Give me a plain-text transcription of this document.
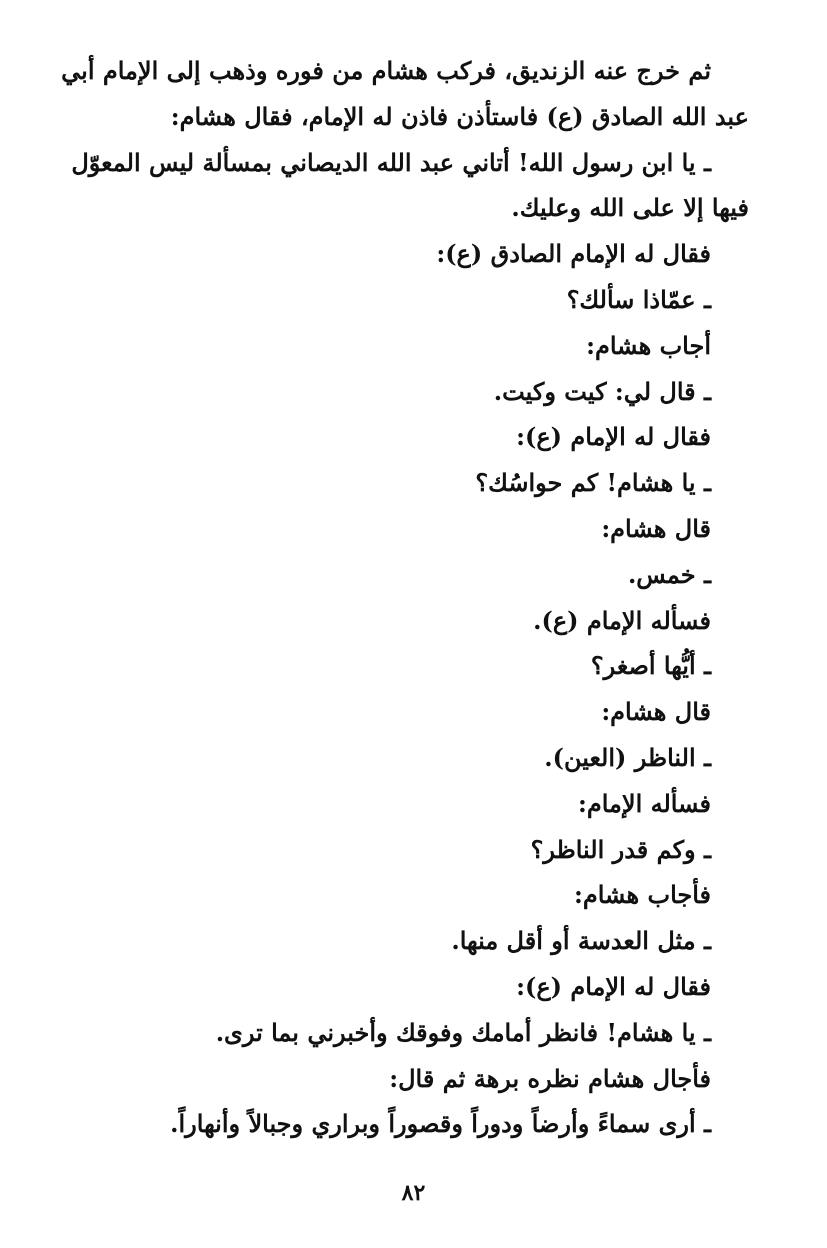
ثم خرج عنه الزنديق، فركب هشام من فوره وذهب إلى الإمام أبي
عبد الله الصادق (ع) فاستأذن فاذن له الإمام، فقال هشام:
ـ يا ابن رسول الله! أتاني عبد الله الديصاني بمسألة ليس المعوّل
فيها إلا على الله وعليك.
فقال له الإمام الصادق (ع):
ـ عمّاذا سألك؟
أجاب هشام:
ـ قال لي: كيت وكيت.
فقال له الإمام (ع):
ـ يا هشام! كم حواسُك؟
قال هشام:
ـ خمس.
فسأله الإمام (ع).
ـ أيُّها أصغر؟
قال هشام:
ـ الناظر (العين).
فسأله الإمام:
ـ وكم قدر الناظر؟
فأجاب هشام:
ـ مثل العدسة أو أقل منها.
فقال له الإمام (ع):
ـ يا هشام! فانظر أمامك وفوقك وأخبرني بما ترى.
فأجال هشام نظره برهة ثم قال:
ـ أرى سماءً وأرضاً ودوراً وقصوراً وبراري وجبالاً وأنهاراً.
٨٢
